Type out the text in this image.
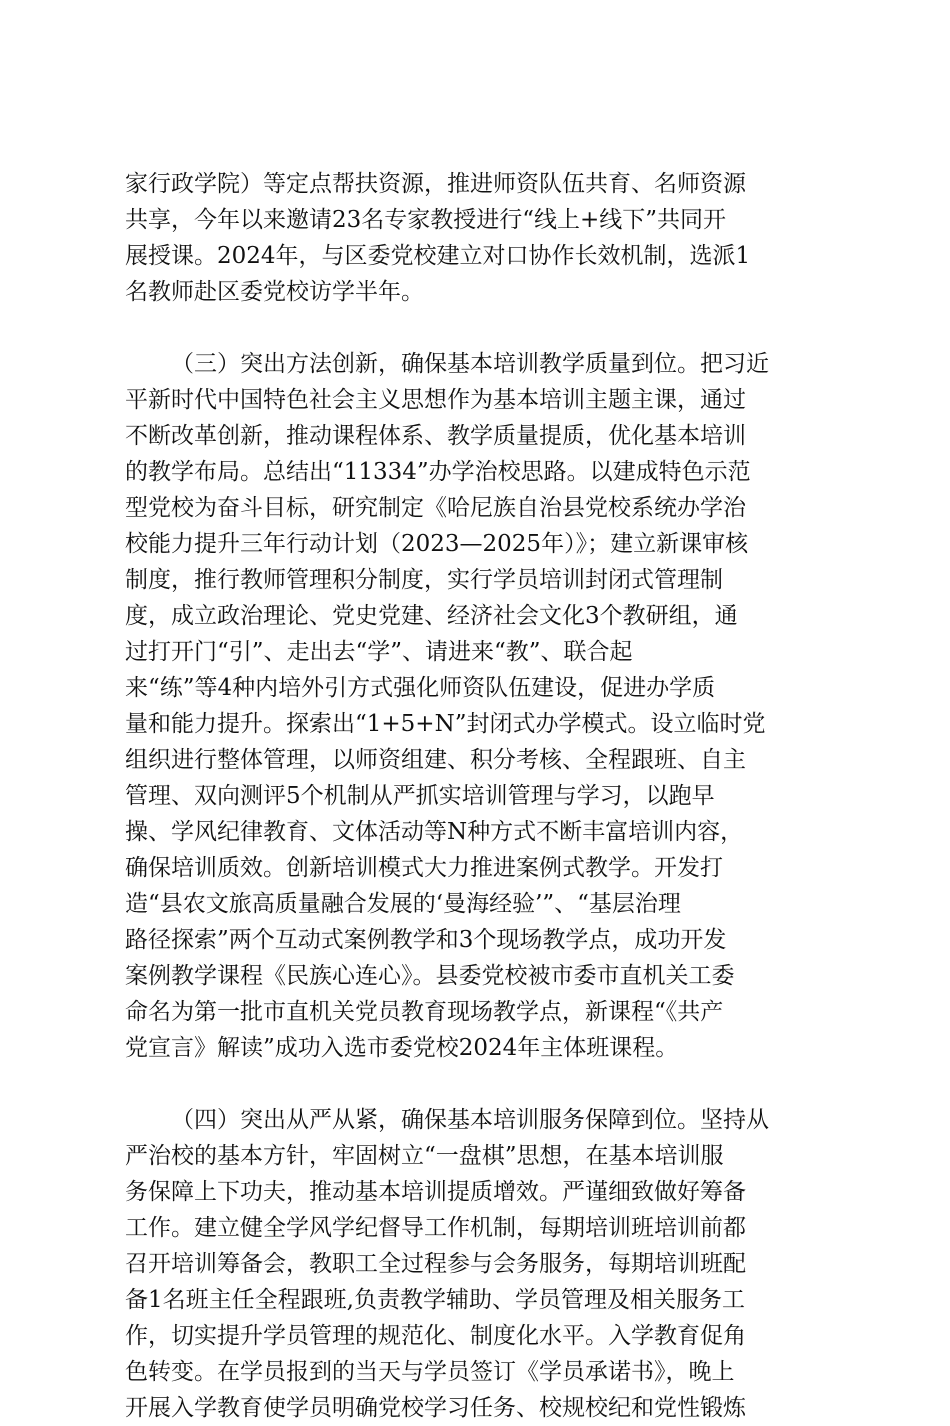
家行政学院）等定点帮扶资源，推进师资队伍共育、名师资源
共享，今年以来邀请23名专家教授进行“线上+线下”共同开
展授课。2024年，与区委党校建立对口协作长效机制，选派1
名教师赴区委党校访学半年。
（三）突出方法创新，确保基本培训教学质量到位。把习近
平新时代中国特色社会主义思想作为基本培训主题主课，通过
不断改革创新，推动课程体系、教学质量提质，优化基本培训
的教学布局。总结出“11334”办学治校思路。以建成特色示范
型党校为奋斗目标，研究制定《哈尼族自治县党校系统办学治
校能力提升三年行动计划（2023—2025年）》；建立新课审核
制度，推行教师管理积分制度，实行学员培训封闭式管理制
度，成立政治理论、党史党建、经济社会文化3个教研组，通
过打开门“引”、走出去“学”、请进来“教”、联合起
来“练”等4种内培外引方式强化师资队伍建设，促进办学质
量和能力提升。探索出“1+5+N”封闭式办学模式。设立临时党
组织进行整体管理，以师资组建、积分考核、全程跟班、自主
管理、双向测评5个机制从严抓实培训管理与学习，以跑早
操、学风纪律教育、文体活动等N种方式不断丰富培训内容，
确保培训质效。创新培训模式大力推进案例式教学。开发打
造“县农文旅高质量融合发展的‘曼海经验’”、“基层治理
路径探索”两个互动式案例教学和3个现场教学点，成功开发
案例教学课程《民族心连心》。县委党校被市委市直机关工委
命名为第一批市直机关党员教育现场教学点，新课程“《共产
党宣言》解读”成功入选市委党校2024年主体班课程。
（四）突出从严从紧，确保基本培训服务保障到位。坚持从
严治校的基本方针，牢固树立“一盘棋”思想，在基本培训服
务保障上下功夫，推动基本培训提质增效。严谨细致做好筹备
工作。建立健全学风学纪督导工作机制，每期培训班培训前都
召开培训筹备会，教职工全过程参与会务服务，每期培训班配
备1名班主任全程跟班,负责教学辅助、学员管理及相关服务工
作，切实提升学员管理的规范化、制度化水平。入学教育促角
色转变。在学员报到的当天与学员签订《学员承诺书》，晚上
开展入学教育使学员明确党校学习任务、校规校纪和党性锻炼
